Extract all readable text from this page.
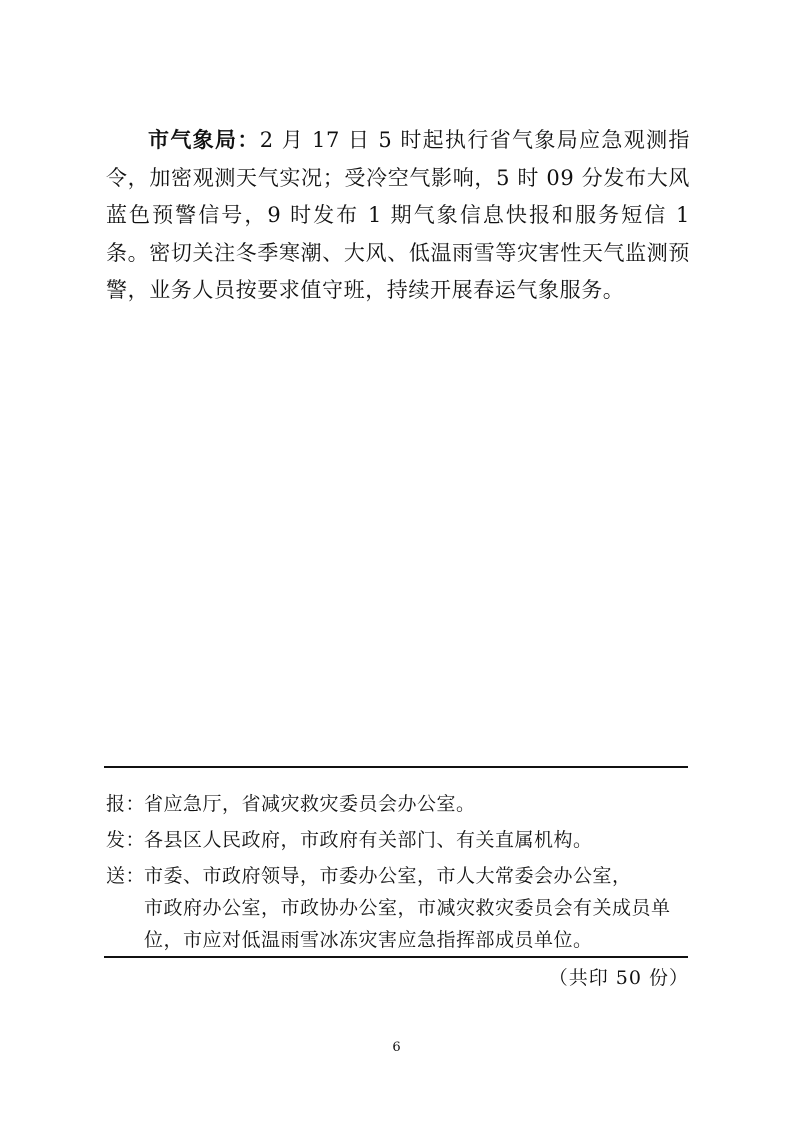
市气象局：2 月 17 日 5 时起执行省气象局应急观测指令，加密观测天气实况；受冷空气影响，5 时 09 分发布大风蓝色预警信号，9 时发布 1 期气象信息快报和服务短信 1 条。密切关注冬季寒潮、大风、低温雨雪等灾害性天气监测预警，业务人员按要求值守班，持续开展春运气象服务。

报：省应急厅，省减灾救灾委员会办公室。

发：各县区人民政府，市政府有关部门、有关直属机构。

送：市委、市政府领导，市委办公室，市人大常委会办公室，
市政府办公室，市政协办公室，市减灾救灾委员会有关成员单
位，市应对低温雨雪冰冻灾害应急指挥部成员单位。
（共印 50 份）
6
